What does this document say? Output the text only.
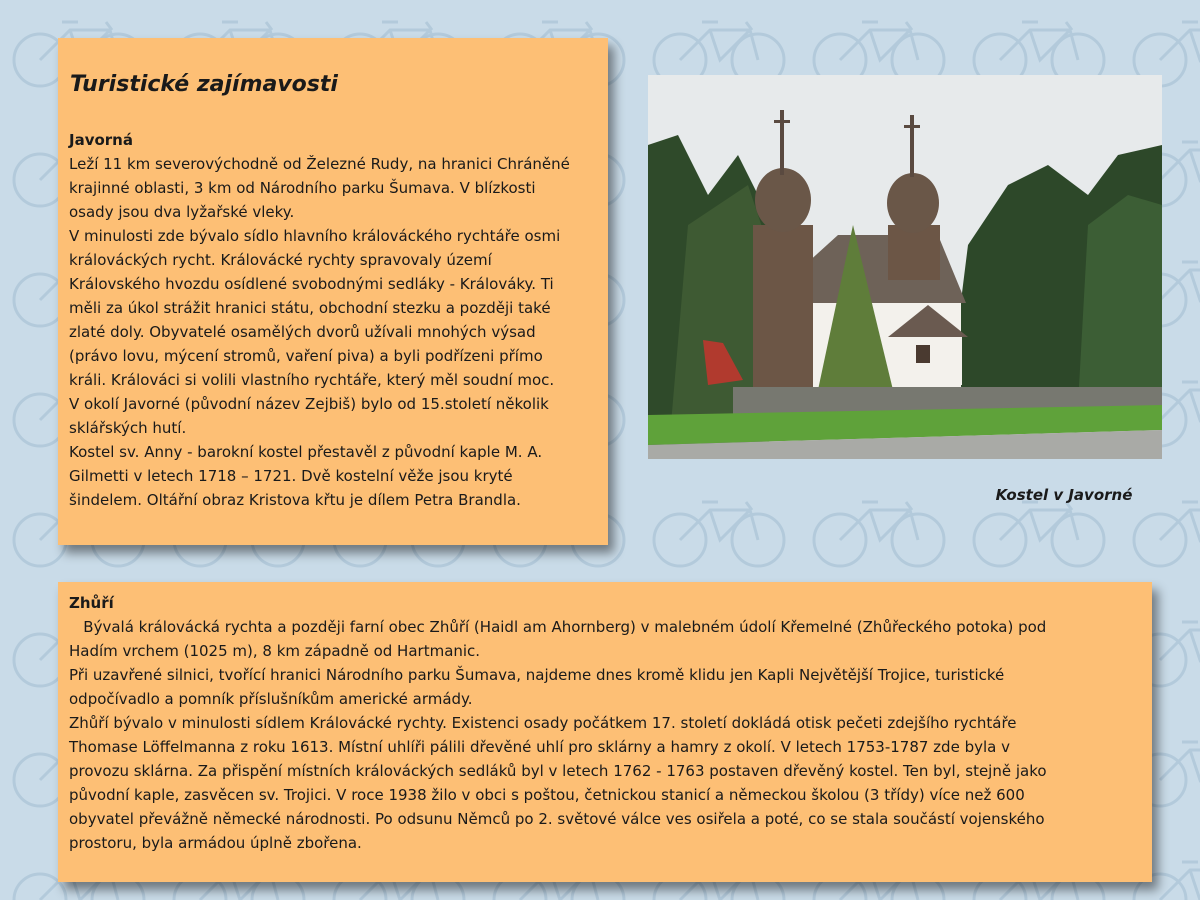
Turistické zajímavosti
Javorná
Leží 11 km severovýchodně od Železné Rudy, na hranici Chráněné
krajinné oblasti, 3 km od Národního parku Šumava. V blízkosti
osady jsou dva lyžařské vleky.
V minulosti zde bývalo sídlo hlavního králováckého rychtáře osmi
králováckých rycht. Královácké rychty spravovaly území
Královského hvozdu osídlené svobodnými sedláky - Králováky. Ti
měli za úkol strážit hranici státu, obchodní stezku a později také
zlaté doly. Obyvatelé osamělých dvorů užívali mnohých výsad
(právo lovu, mýcení stromů, vaření piva) a byli podřízeni přímo
králi. Králováci si volili vlastního rychtáře, který měl soudní moc.
V okolí Javorné (původní název Zejbiš) bylo od 15.století několik
sklářských hutí.
Kostel sv. Anny - barokní kostel přestavěl z původní kaple M. A.
Gilmetti v letech 1718 – 1721. Dvě kostelní věže jsou kryté
šindelem. Oltářní obraz Kristova křtu je dílem Petra Brandla.	Kostel v Javorné
Zhůří
Bývalá královácká rychta a později farní obec Zhůří (Haidl am Ahornberg) v malebném údolí Křemelné (Zhůřeckého potoka) pod
Hadím vrchem (1025 m), 8 km západně od Hartmanic.
Při uzavřené silnici, tvořící hranici Národního parku Šumava, najdeme dnes kromě klidu jen Kapli Největější Trojice, turistické
odpočívadlo a pomník příslušníkům americké armády.
Zhůří bývalo v minulosti sídlem Královácké rychty. Existenci osady počátkem 17. století dokládá otisk pečeti zdejšího rychtáře
Thomase Löffelmanna z roku 1613. Místní uhlíři pálili dřevěné uhlí pro sklárny a hamry z okolí. V letech 1753-1787 zde byla v
provozu sklárna. Za přispění místních králováckých sedláků byl v letech 1762 - 1763 postaven dřevěný kostel. Ten byl, stejně jako
původní kaple, zasvěcen sv. Trojici. V roce 1938 žilo v obci s poštou, četnickou stanicí a německou školou (3 třídy) více než 600
obyvatel převážně německé národnosti. Po odsunu Němců po 2. světové válce ves osiřela a poté, co se stala součástí vojenského
prostoru, byla armádou úplně zbořena.
